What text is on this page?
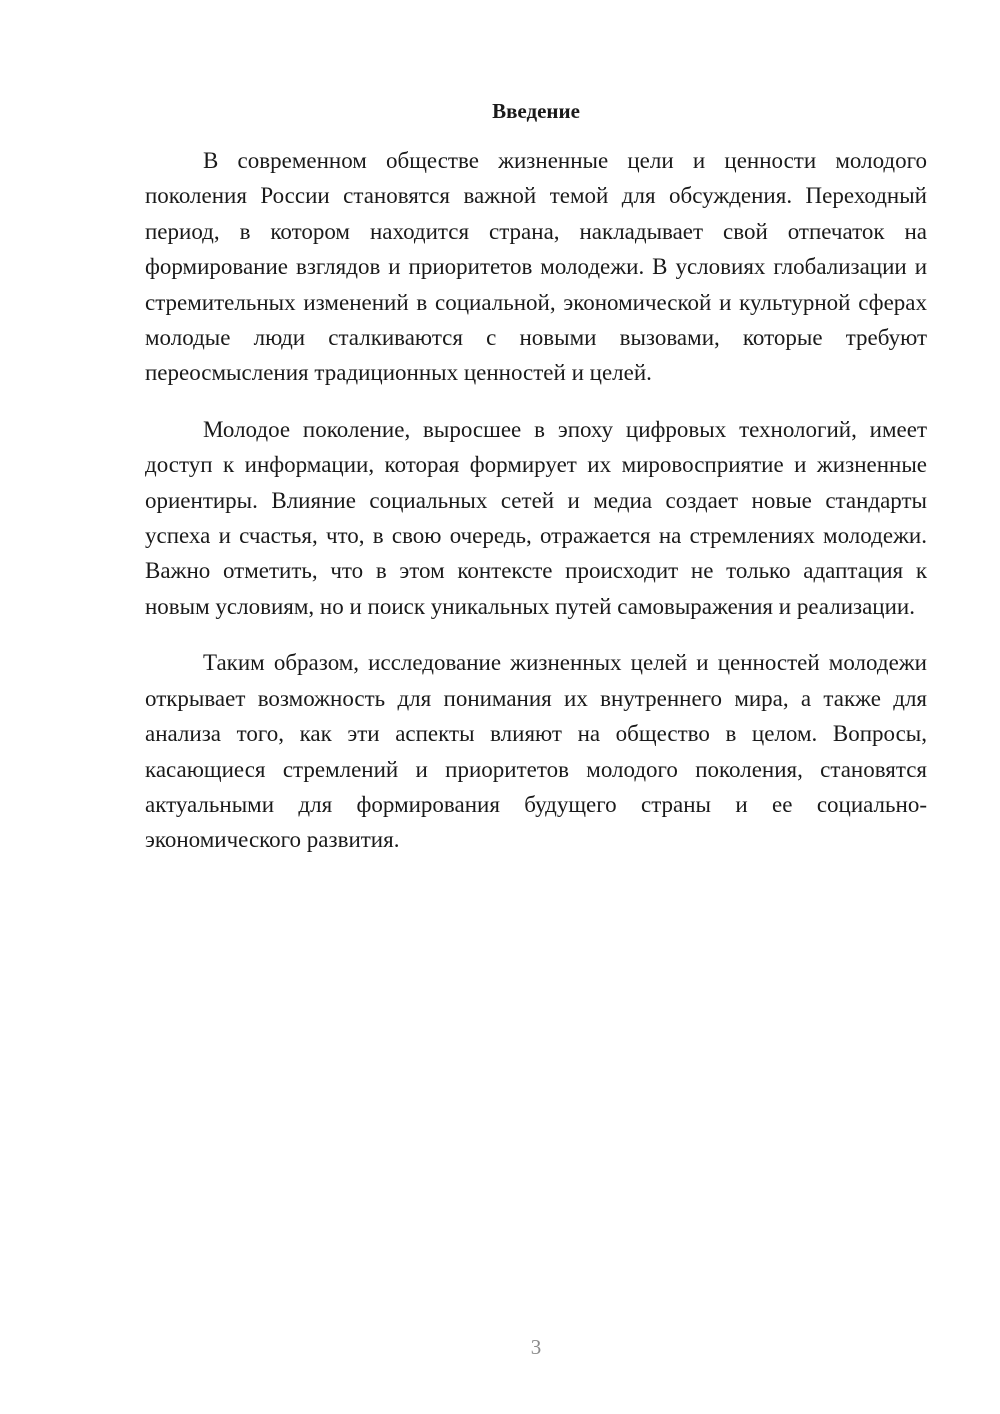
Введение

В современном обществе жизненные цели и ценности молодого поколения России становятся важной темой для обсуждения. Переходный период, в котором находится страна, накладывает свой отпечаток на формирование взглядов и приоритетов молодежи. В условиях глобализации и стремительных изменений в социальной, экономической и культурной сферах молодые люди сталкиваются с новыми вызовами, которые требуют переосмысления традиционных ценностей и целей.

Молодое поколение, выросшее в эпоху цифровых технологий, имеет доступ к информации, которая формирует их мировосприятие и жизненные ориентиры. Влияние социальных сетей и медиа создает новые стандарты успеха и счастья, что, в свою очередь, отражается на стремлениях молодежи. Важно отметить, что в этом контексте происходит не только адаптация к новым условиям, но и поиск уникальных путей самовыражения и реализации.

Таким образом, исследование жизненных целей и ценностей молодежи открывает возможность для понимания их внутреннего мира, а также для анализа того, как эти аспекты влияют на общество в целом. Вопросы, касающиеся стремлений и приоритетов молодого поколения, становятся актуальными для формирования будущего страны и ее социально-экономического развития.

3
